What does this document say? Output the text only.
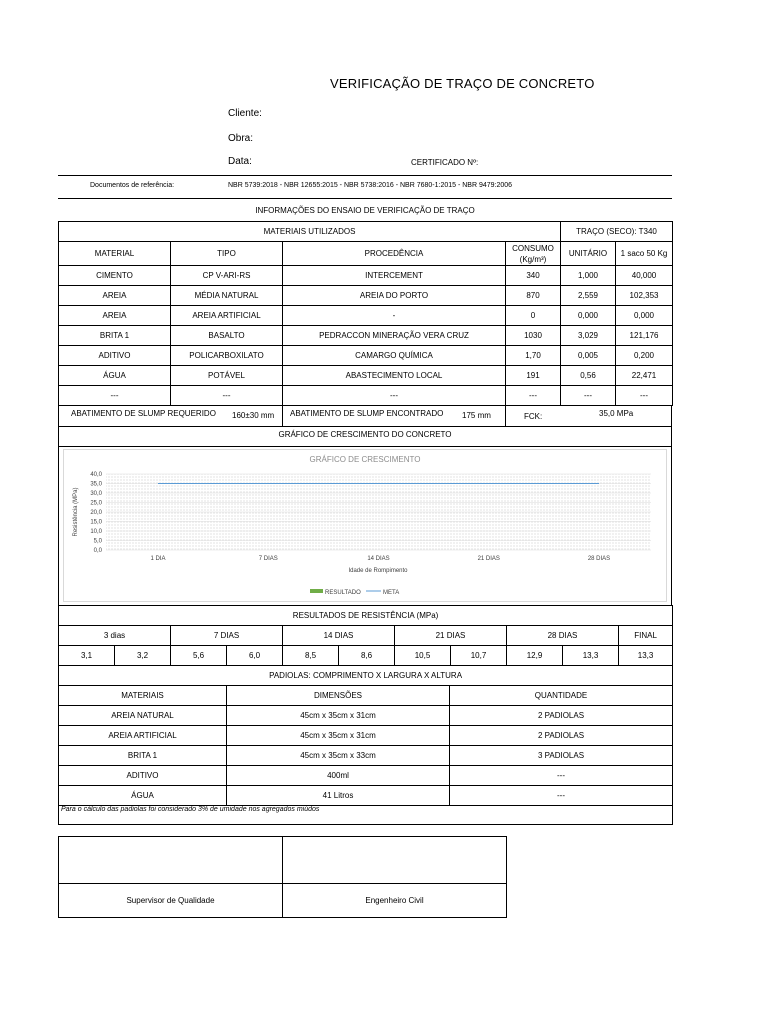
VERIFICAÇÃO DE TRAÇO DE CONCRETO
Cliente:
Obra:
Data:	CERTIFICADO Nº:
Documentos de referência:	NBR 5739:2018 - NBR 12655:2015 - NBR 5738:2016 - NBR 7680-1:2015 - NBR 9479:2006
INFORMAÇÕES DO ENSAIO DE VERIFICAÇÃO DE TRAÇO
MATERIAIS UTILIZADOS				TRAÇO (SECO): T340	
MATERIAL	TIPO	PROCEDÊNCIA	CONSUMO (Kg/m³)	UNITÁRIO	1 saco 50 Kg
CIMENTO	CP V-ARI-RS	INTERCEMENT	340	1,000	40,000
AREIA	MÉDIA NATURAL	AREIA DO PORTO	870	2,559	102,353
AREIA	AREIA ARTIFICIAL	-	0	0,000	0,000
BRITA 1	BASALTO	PEDRACCON MINERAÇÃO VERA CRUZ	1030	3,029	121,176
ADITIVO	POLICARBOXILATO	CAMARGO QUÍMICA	1,70	0,005	0,200
ÁGUA	POTÁVEL	ABASTECIMENTO LOCAL	191	0,56	22,471
---	---	---	---	---	---
ABATIMENTO DE SLUMP REQUERIDO 160±30 mm ABATIMENTO DE SLUMP ENCONTRADO 175 mm	FCK:	35,0 MPa
GRÁFICO DE CRESCIMENTO DO CONCRETO
GRÁFICO DE CRESCIMENTO
0,0
5,0
10,0
15,0
20,0
25,0
30,0
35,0
40,0
1 DIA	7 DIAS	14 DIAS	21 DIAS	28 DIAS
Resistência (MPa)
Idade de Rompimento
RESULTADO	META
RESULTADOS DE RESISTÊNCIA (MPa)										
3 dias		7 DIAS		14 DIAS		21 DIAS		28 DIAS		FINAL
3,1	3,2	5,6	6,0	8,5	8,6	10,5	10,7	12,9	13,3	13,3
PADIOLAS: COMPRIMENTO X LARGURA X ALTURA										
MATERIAIS	DIMENSÕES	QUANTIDADE
AREIA NATURAL	45cm x 35cm x 31cm	2 PADIOLAS
AREIA ARTIFICIAL	45cm x 35cm x 31cm	2 PADIOLAS
BRITA 1	45cm x 35cm x 33cm	3 PADIOLAS
ADITIVO	400ml	---
ÁGUA	41 Litros	---
Para o cálculo das padiolas foi considerado 3% de umidade nos agregados miúdos		

Supervisor de Qualidade	Engenheiro Civil
